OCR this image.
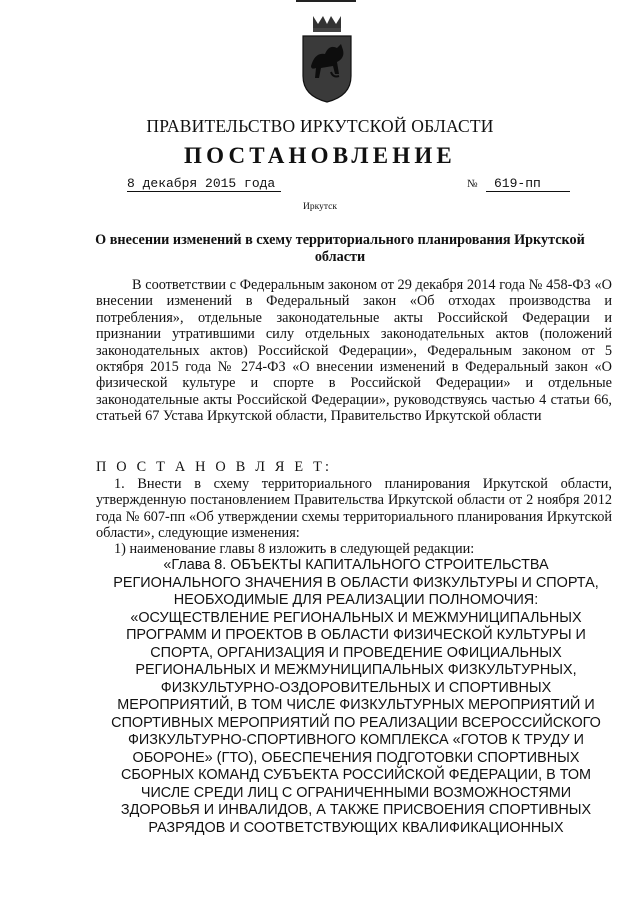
ПРАВИТЕЛЬСТВО ИРКУТСКОЙ ОБЛАСТИ
ПОСТАНОВЛЕНИЕ
8 декабря 2015 года	№	619-пп
Иркутск
О внесении изменений в схему территориального планирования Иркутской области
В соответствии с Федеральным законом от 29 декабря 2014 года № 458-ФЗ «О внесении изменений в Федеральный закон «Об отходах производства и потребления», отдельные законодательные акты Российской Федерации и признании утратившими силу отдельных законодательных актов (положений законодательных актов) Российской Федерации», Федеральным законом от 5 октября 2015 года № 274-ФЗ «О внесении изменений в Федеральный закон «О физической культуре и спорте в Российской Федерации» и отдельные законодательные акты Российской Федерации», руководствуясь частью 4 статьи 66, статьей 67 Устава Иркутской области, Правительство Иркутской области
П О С Т А Н О В Л Я Е Т:
1. Внести в схему территориального планирования Иркутской области, утвержденную постановлением Правительства Иркутской области от 2 ноября 2012 года № 607-пп «Об утверждении схемы территориального планирования Иркутской области», следующие изменения:
1) наименование главы 8 изложить в следующей редакции:
«Глава 8. ОБЪЕКТЫ КАПИТАЛЬНОГО СТРОИТЕЛЬСТВА
РЕГИОНАЛЬНОГО ЗНАЧЕНИЯ В ОБЛАСТИ ФИЗКУЛЬТУРЫ И СПОРТА,
НЕОБХОДИМЫЕ ДЛЯ РЕАЛИЗАЦИИ ПОЛНОМОЧИЯ:
«ОСУЩЕСТВЛЕНИЕ РЕГИОНАЛЬНЫХ И МЕЖМУНИЦИПАЛЬНЫХ
ПРОГРАММ И ПРОЕКТОВ В ОБЛАСТИ ФИЗИЧЕСКОЙ КУЛЬТУРЫ И
СПОРТА, ОРГАНИЗАЦИЯ И ПРОВЕДЕНИЕ ОФИЦИАЛЬНЫХ
РЕГИОНАЛЬНЫХ И МЕЖМУНИЦИПАЛЬНЫХ ФИЗКУЛЬТУРНЫХ,
ФИЗКУЛЬТУРНО-ОЗДОРОВИТЕЛЬНЫХ И СПОРТИВНЫХ
МЕРОПРИЯТИЙ, В ТОМ ЧИСЛЕ ФИЗКУЛЬТУРНЫХ МЕРОПРИЯТИЙ И
СПОРТИВНЫХ МЕРОПРИЯТИЙ ПО РЕАЛИЗАЦИИ ВСЕРОССИЙСКОГО
ФИЗКУЛЬТУРНО-СПОРТИВНОГО КОМПЛЕКСА «ГОТОВ К ТРУДУ И
ОБОРОНЕ» (ГТО), ОБЕСПЕЧЕНИЯ ПОДГОТОВКИ СПОРТИВНЫХ
СБОРНЫХ КОМАНД СУБЪЕКТА РОССИЙСКОЙ ФЕДЕРАЦИИ, В ТОМ
ЧИСЛЕ СРЕДИ ЛИЦ С ОГРАНИЧЕННЫМИ ВОЗМОЖНОСТЯМИ
ЗДОРОВЬЯ И ИНВАЛИДОВ, А ТАКЖЕ ПРИСВОЕНИЯ СПОРТИВНЫХ
РАЗРЯДОВ И СООТВЕТСТВУЮЩИХ КВАЛИФИКАЦИОННЫХ
